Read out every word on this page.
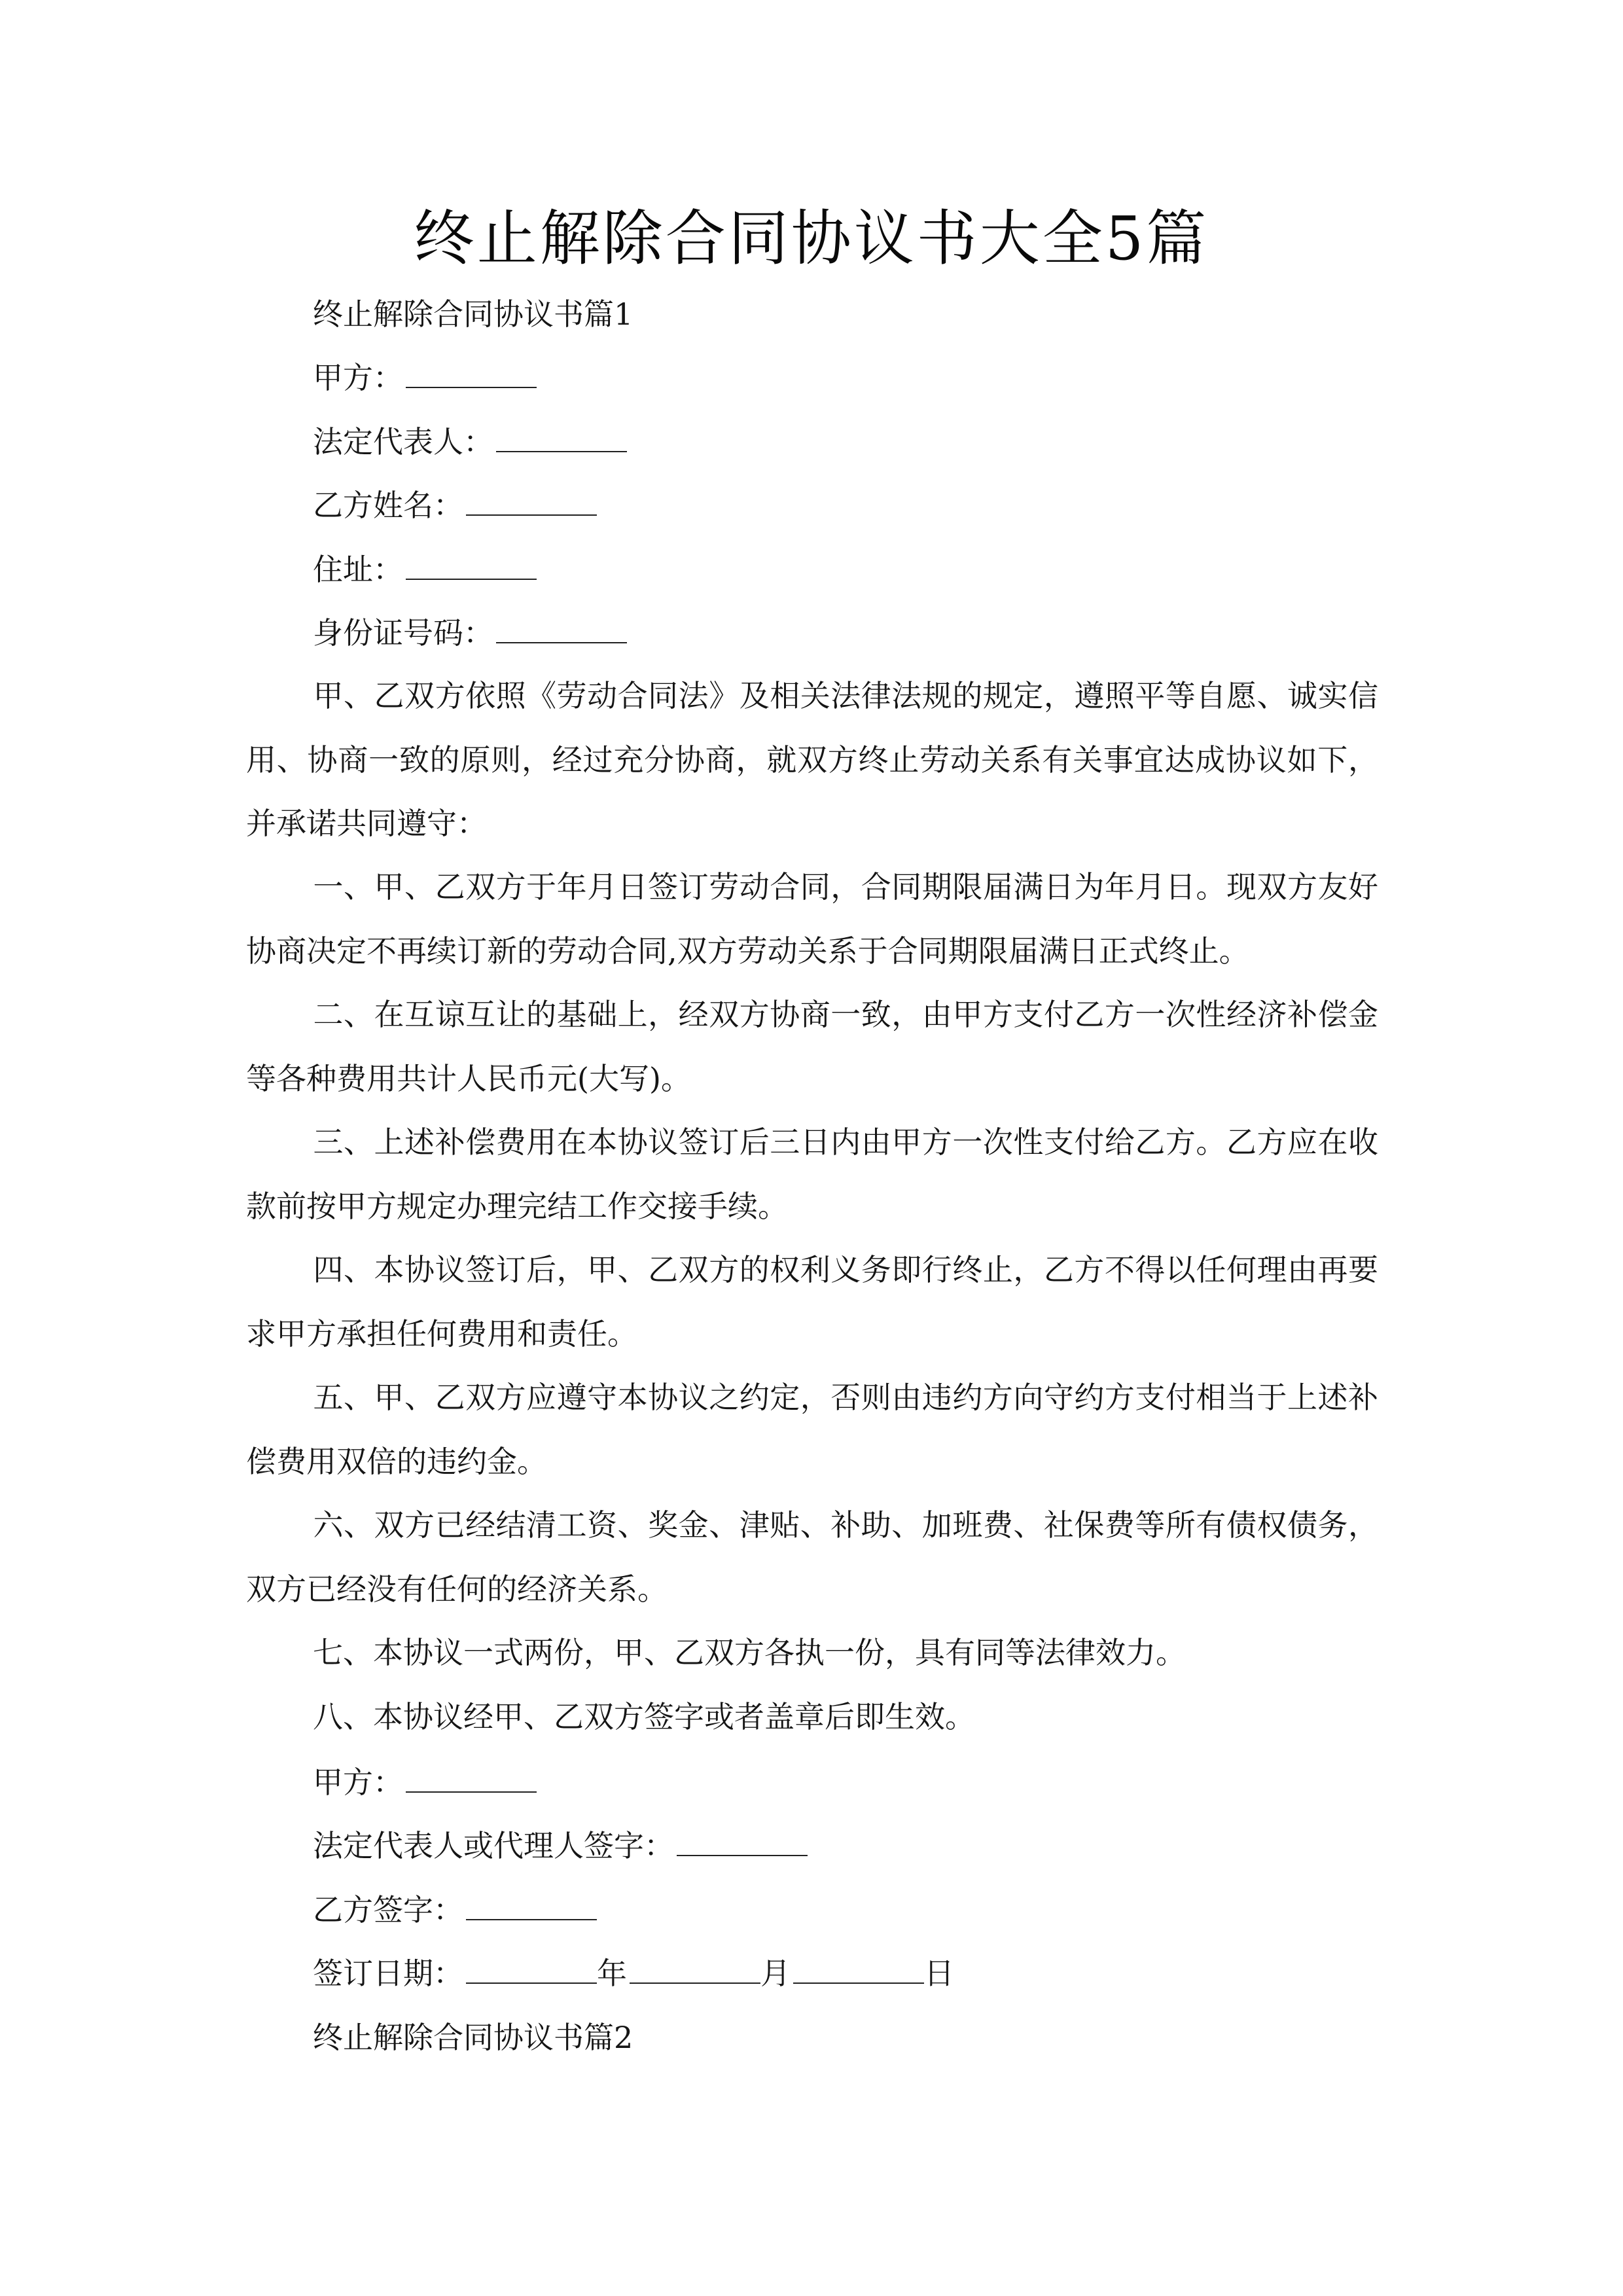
终止解除合同协议书大全5篇
终止解除合同协议书篇1
甲方：
法定代表人：
乙方姓名：
住址：
身份证号码：
甲、乙双方依照《劳动合同法》及相关法律法规的规定，遵照平等自愿、诚实信用、协商一致的原则，经过充分协商，就双方终止劳动关系有关事宜达成协议如下，并承诺共同遵守：
一、甲、乙双方于年月日签订劳动合同，合同期限届满日为年月日。现双方友好协商决定不再续订新的劳动合同,双方劳动关系于合同期限届满日正式终止。
二、在互谅互让的基础上，经双方协商一致，由甲方支付乙方一次性经济补偿金等各种费用共计人民币元(大写)。
三、上述补偿费用在本协议签订后三日内由甲方一次性支付给乙方。乙方应在收款前按甲方规定办理完结工作交接手续。
四、本协议签订后，甲、乙双方的权利义务即行终止，乙方不得以任何理由再要求甲方承担任何费用和责任。
五、甲、乙双方应遵守本协议之约定，否则由违约方向守约方支付相当于上述补偿费用双倍的违约金。
六、双方已经结清工资、奖金、津贴、补助、加班费、社保费等所有债权债务，双方已经没有任何的经济关系。
七、本协议一式两份，甲、乙双方各执一份，具有同等法律效力。
八、本协议经甲、乙双方签字或者盖章后即生效。
甲方：
法定代表人或代理人签字：
乙方签字：
签订日期：	年	月	日
终止解除合同协议书篇2
